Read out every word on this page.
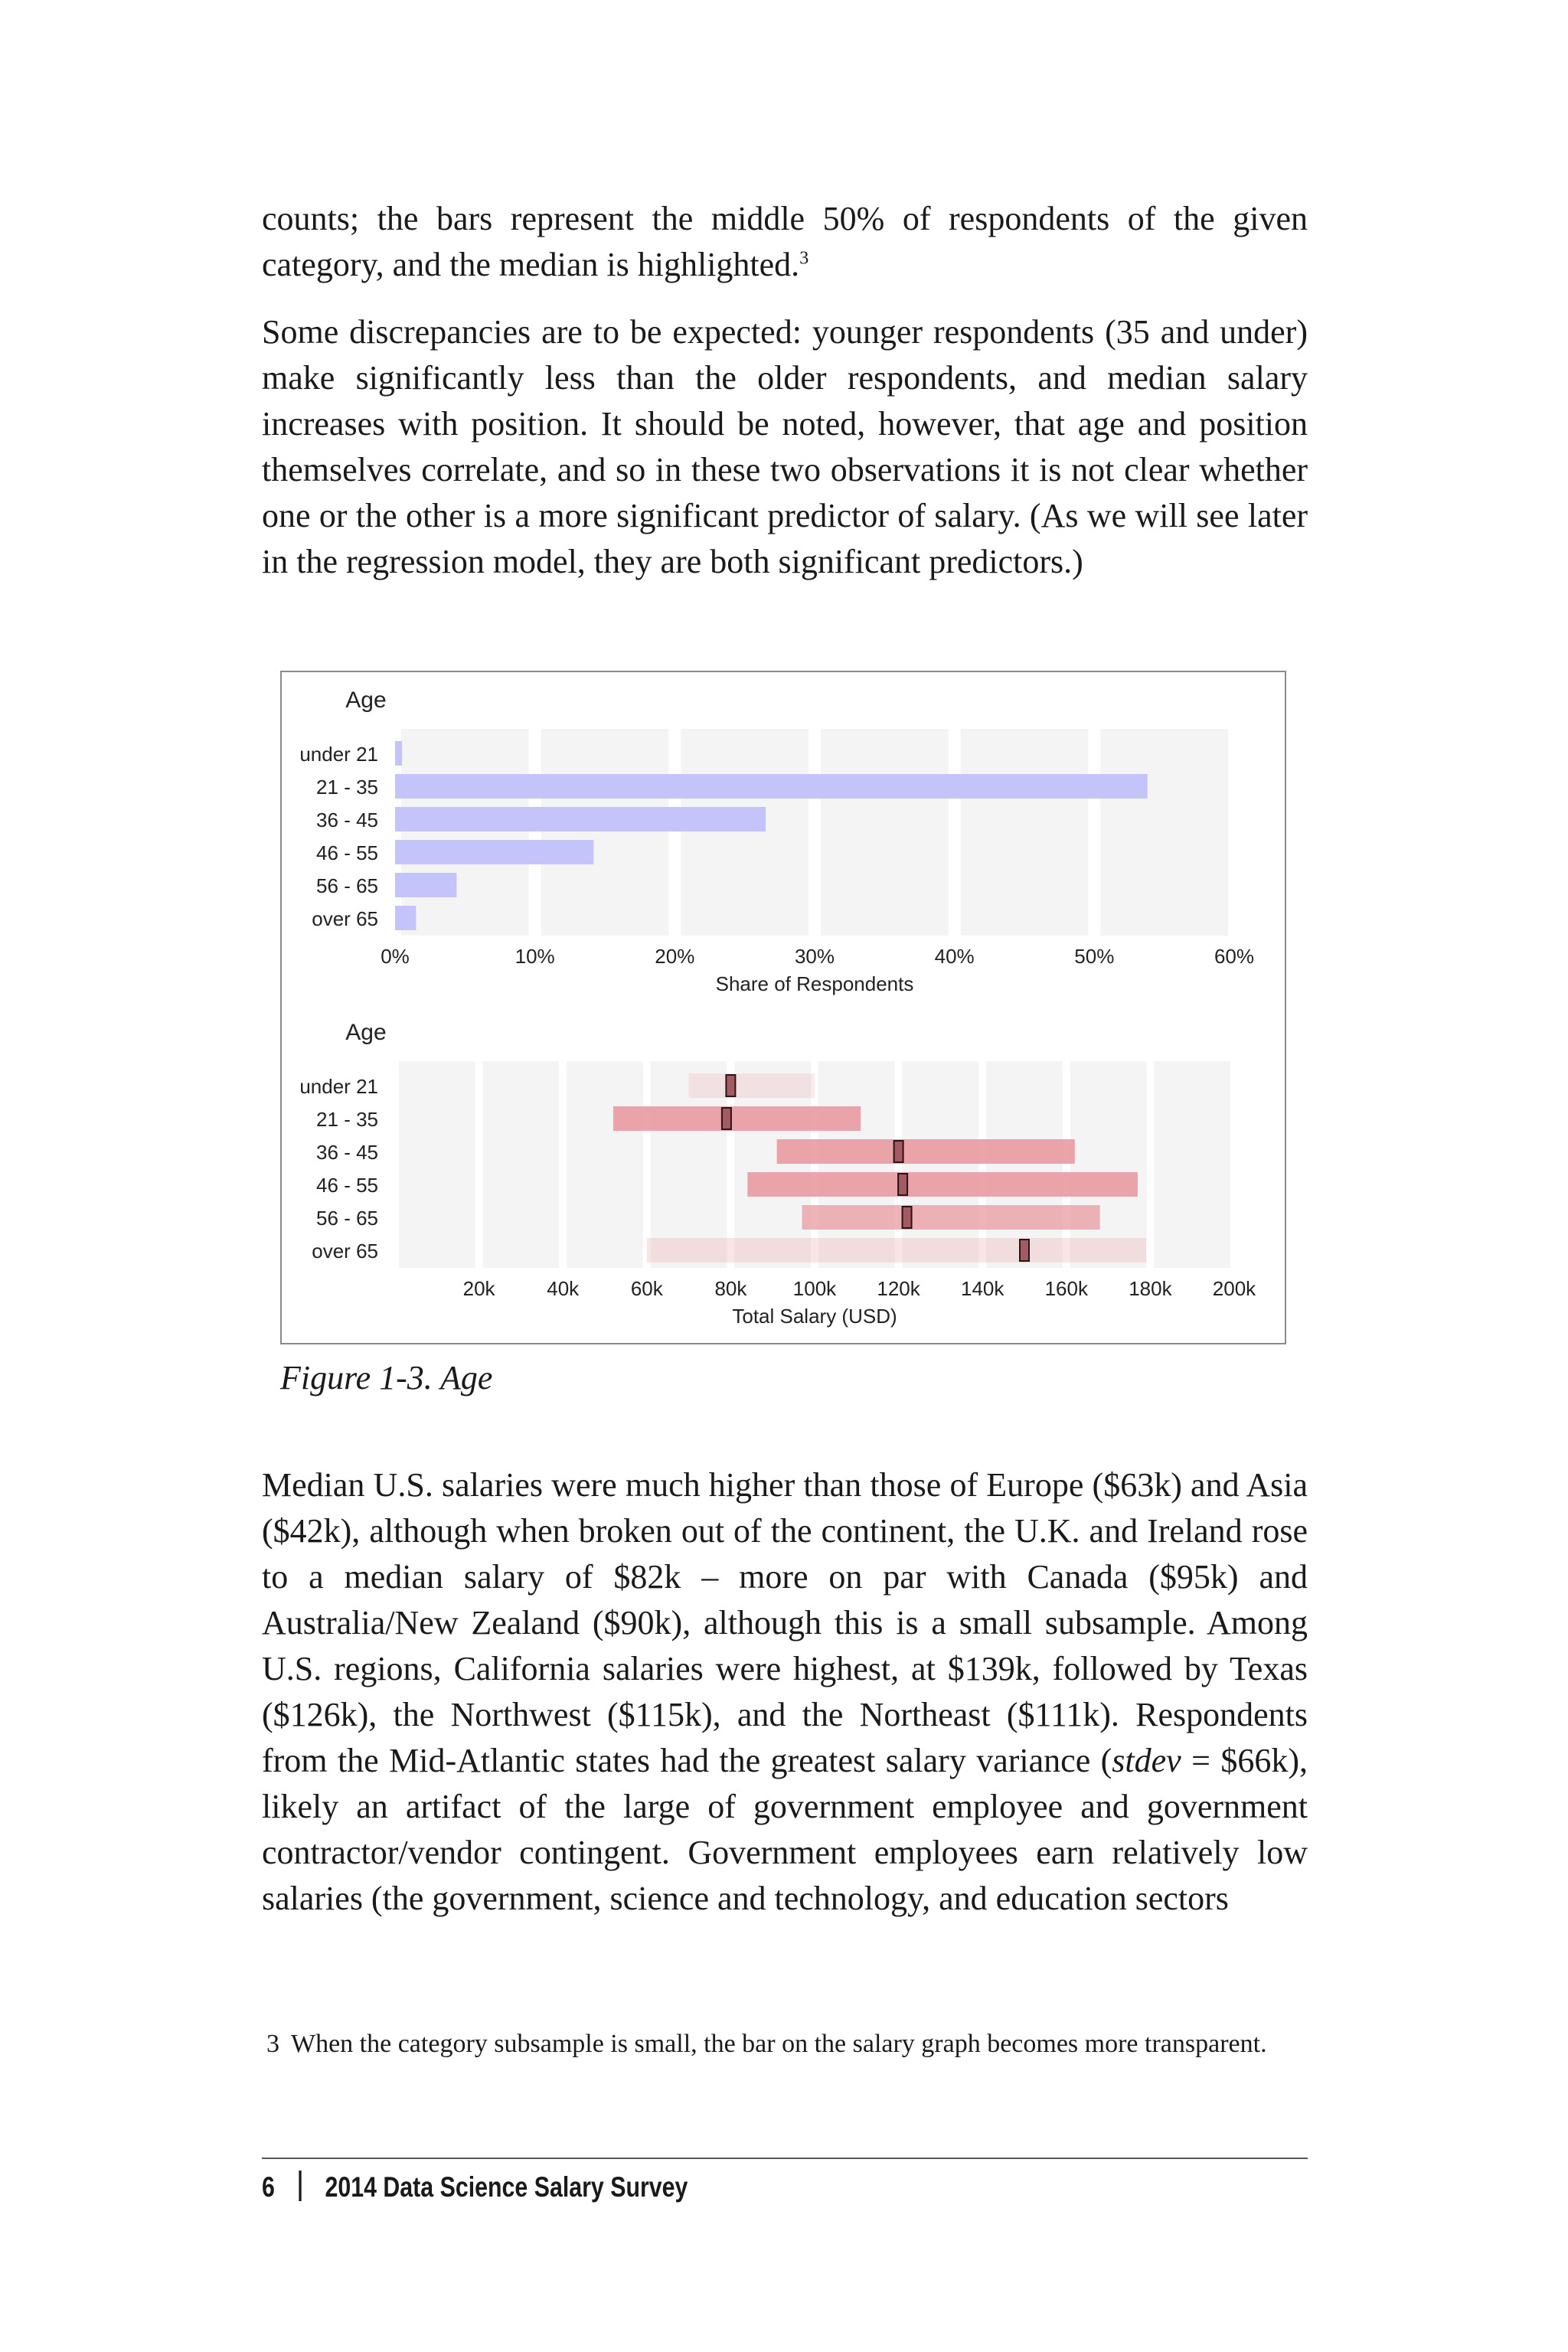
counts; the bars represent the middle 50% of respondents of the given category, and the median is highlighted.$^3$

Some discrepancies are to be expected: younger respondents (35 and under) make significantly less than the older respondents, and median salary increases with position. It should be noted, however, that age and position themselves correlate, and so in these two observations it is not clear whether one or the other is a more significant predictor of salary. (As we will see later in the regression model, they are both significant predictors.)

Age
under 21
21 - 35
36 - 45
46 - 55
56 - 65
over 65
0%	10%	20%	30%	40%	50%	60%
Share of Respondents
Age
under 21
21 - 35
36 - 45
46 - 55
56 - 65
over 65
20k	40k	60k	80k 100k 120k 140k 160k 180k 200k
Total Salary (USD)

Figure 1-3. Age

Median U.S. salaries were much higher than those of Europe ($63k) and Asia ($42k), although when broken out of the continent, the U.K. and Ireland rose to a median salary of $82k – more on par with Canada ($95k) and Australia/New Zealand ($90k), although this is a small subsample. Among U.S. regions, California salaries were highest, at $139k, followed by Texas ($126k), the Northwest ($115k), and the Northeast ($111k). Respondents from the Mid-Atlantic states had the greatest salary variance (stdev = $66k), likely an artifact of the large of government employee and government contractor/​vendor contingent. Government employees earn relatively low salaries (the government, science and technology, and education sectors

3 When the category subsample is small, the bar on the salary graph becomes more transparent.

6 2014 Data Science Salary Survey
